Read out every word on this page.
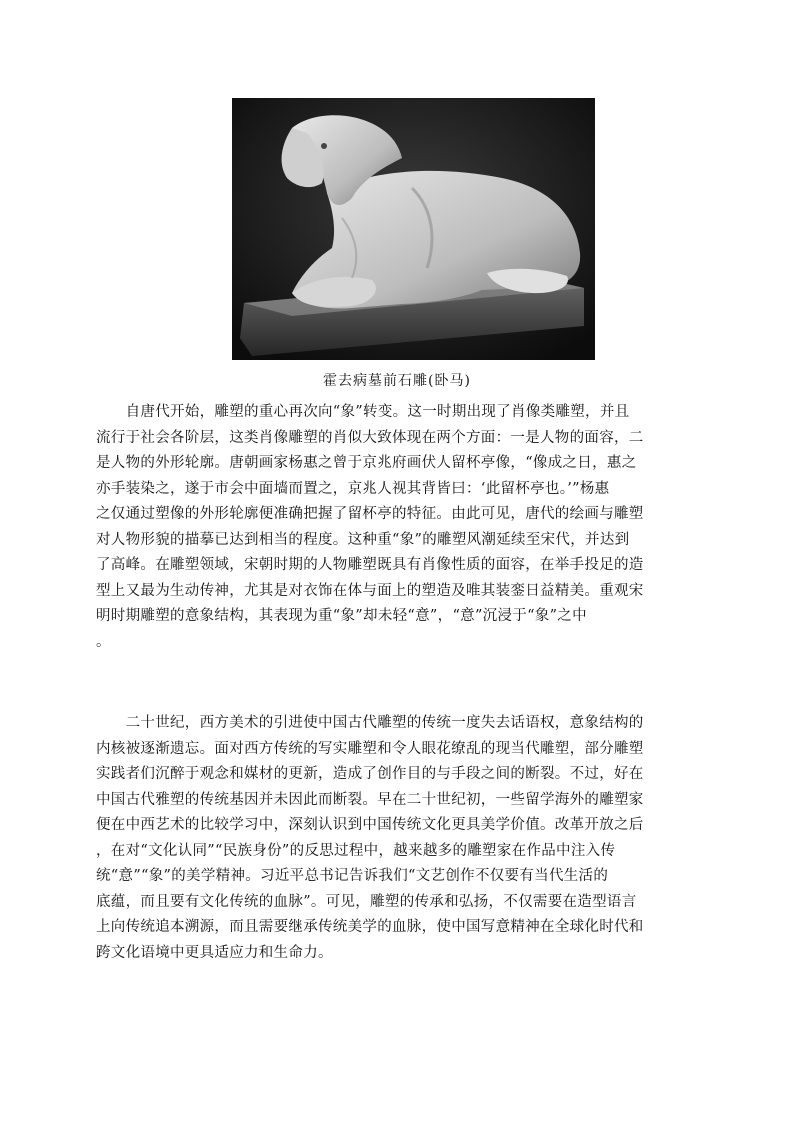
霍去病墓前石雕(卧马)
　　自唐代开始，雕塑的重心再次向“象”转变。这一时期出现了肖像类雕塑，并且
流行于社会各阶层，这类肖像雕塑的肖似大致体现在两个方面：一是人物的面容，二
是人物的外形轮廓。唐朝画家杨惠之曾于京兆府画伏人留杯亭像，“像成之日，惠之
亦手装染之，遂于市会中面墙而置之，京兆人视其背皆曰：‘此留杯亭也。’”杨惠
之仅通过塑像的外形轮廓便准确把握了留杯亭的特征。由此可见，唐代的绘画与雕塑
对人物形貌的描摹已达到相当的程度。这种重“象”的雕塑风潮延续至宋代，并达到
了高峰。在雕塑领域，宋朝时期的人物雕塑既具有肖像性质的面容，在举手投足的造
型上又最为生动传神，尤其是对衣饰在体与面上的塑造及唯其装銮日益精美。重观宋
明时期雕塑的意象结构，其表现为重“象”却未轻“意”，“意”沉浸于“象”之中
。
　　二十世纪，西方美术的引进使中国古代雕塑的传统一度失去话语权，意象结构的
内核被逐渐遗忘。面对西方传统的写实雕塑和令人眼花缭乱的现当代雕塑，部分雕塑
实践者们沉醉于观念和媒材的更新，造成了创作目的与手段之间的断裂。不过，好在
中国古代雅塑的传统基因并未因此而断裂。早在二十世纪初，一些留学海外的雕塑家
便在中西艺术的比较学习中，深刻认识到中国传统文化更具美学价值。改革开放之后
，在对“文化认同”“民族身份”的反思过程中，越来越多的雕塑家在作品中注入传
统“意”“象”的美学精神。习近平总书记告诉我们“文艺创作不仅要有当代生活的
底蕴，而且要有文化传统的血脉”。可见，雕塑的传承和弘扬，不仅需要在造型语言
上向传统追本溯源，而且需要继承传统美学的血脉，使中国写意精神在全球化时代和
跨文化语境中更具适应力和生命力。
